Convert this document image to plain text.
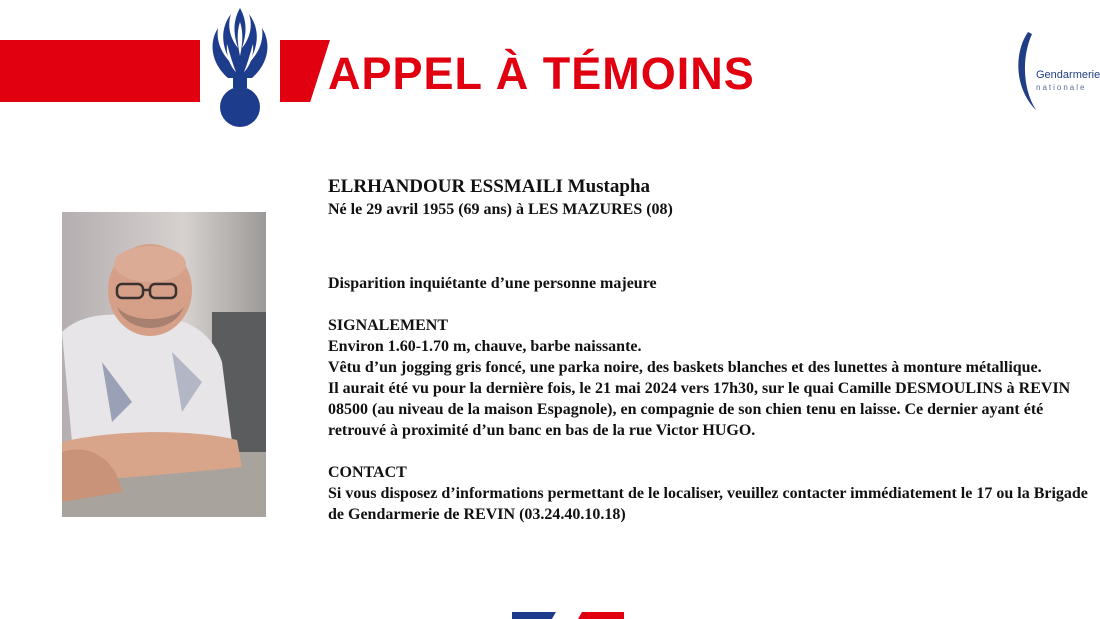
APPEL À TÉMOINS	Gendarmerie
nationale

ELRHANDOUR ESSMAILI Mustapha

Né le 29 avril 1955 (69 ans) à LES MAZURES (08)

Disparition inquiétante d’une personne majeure

SIGNALEMENT

Environ 1.60-1.70 m, chauve, barbe naissante.

Vêtu d’un jogging gris foncé, une parka noire, des baskets blanches et des lunettes à monture métallique.

Il aurait été vu pour la dernière fois, le 21 mai 2024 vers 17h30, sur le quai Camille DESMOULINS à REVIN 08500 (au niveau de la maison Espagnole), en compagnie de son chien tenu en laisse. Ce dernier ayant été retrouvé à proximité d’un banc en bas de la rue Victor HUGO.

CONTACT

Si vous disposez d’informations permettant de le localiser, veuillez contacter immédiatement le 17 ou la Brigade de Gendarmerie de REVIN (03.24.40.10.18)
